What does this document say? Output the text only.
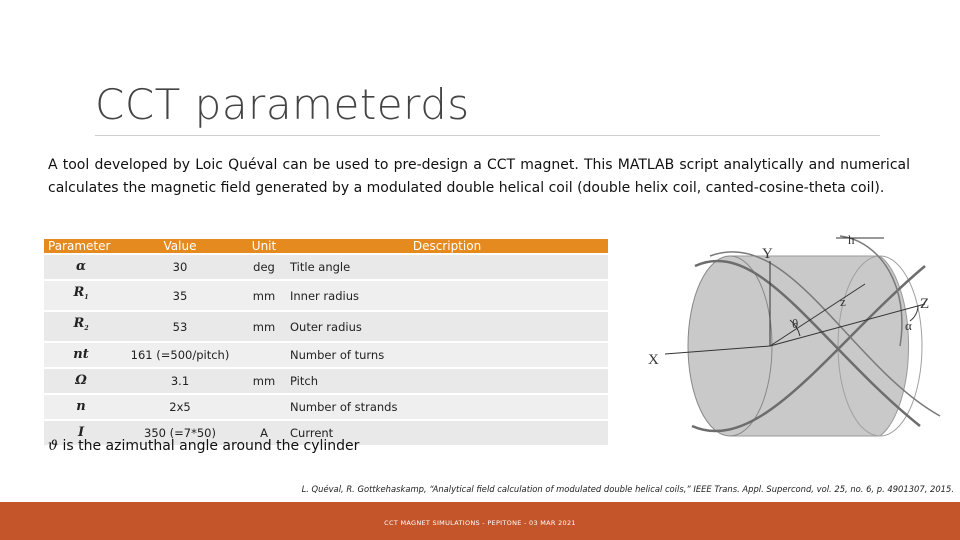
CCT parameterds
A tool developed by Loic Quéval can be used to pre-design a CCT magnet. This MATLAB script analytically and numerical calculates the magnetic field generated by a modulated double helical coil (double helix coil, canted-cosine-theta coil).
Parameter	Value	Unit	Description
α	30	deg	Title angle
$R_1$	35	mm	Inner radius
$R_2$	53	mm	Outer radius
nt	161 (=500/pitch)		Number of turns
Ω	3.1	mm	Pitch
n	2x5		Number of strands
I	350 (=7*50)	A	Current
ϑ is the azimuthal angle around the cylinder
L. Quéval, R. Gottkehaskamp, “Analytical field calculation of modulated double helical coils,” IEEE Trans. Appl. Supercond, vol. 25, no. 6, p. 4901307, 2015.
CCT MAGNET SIMULATIONS - PEPITONE - 03 MAR 2021
Y
X
Z
z
h
θ	α
